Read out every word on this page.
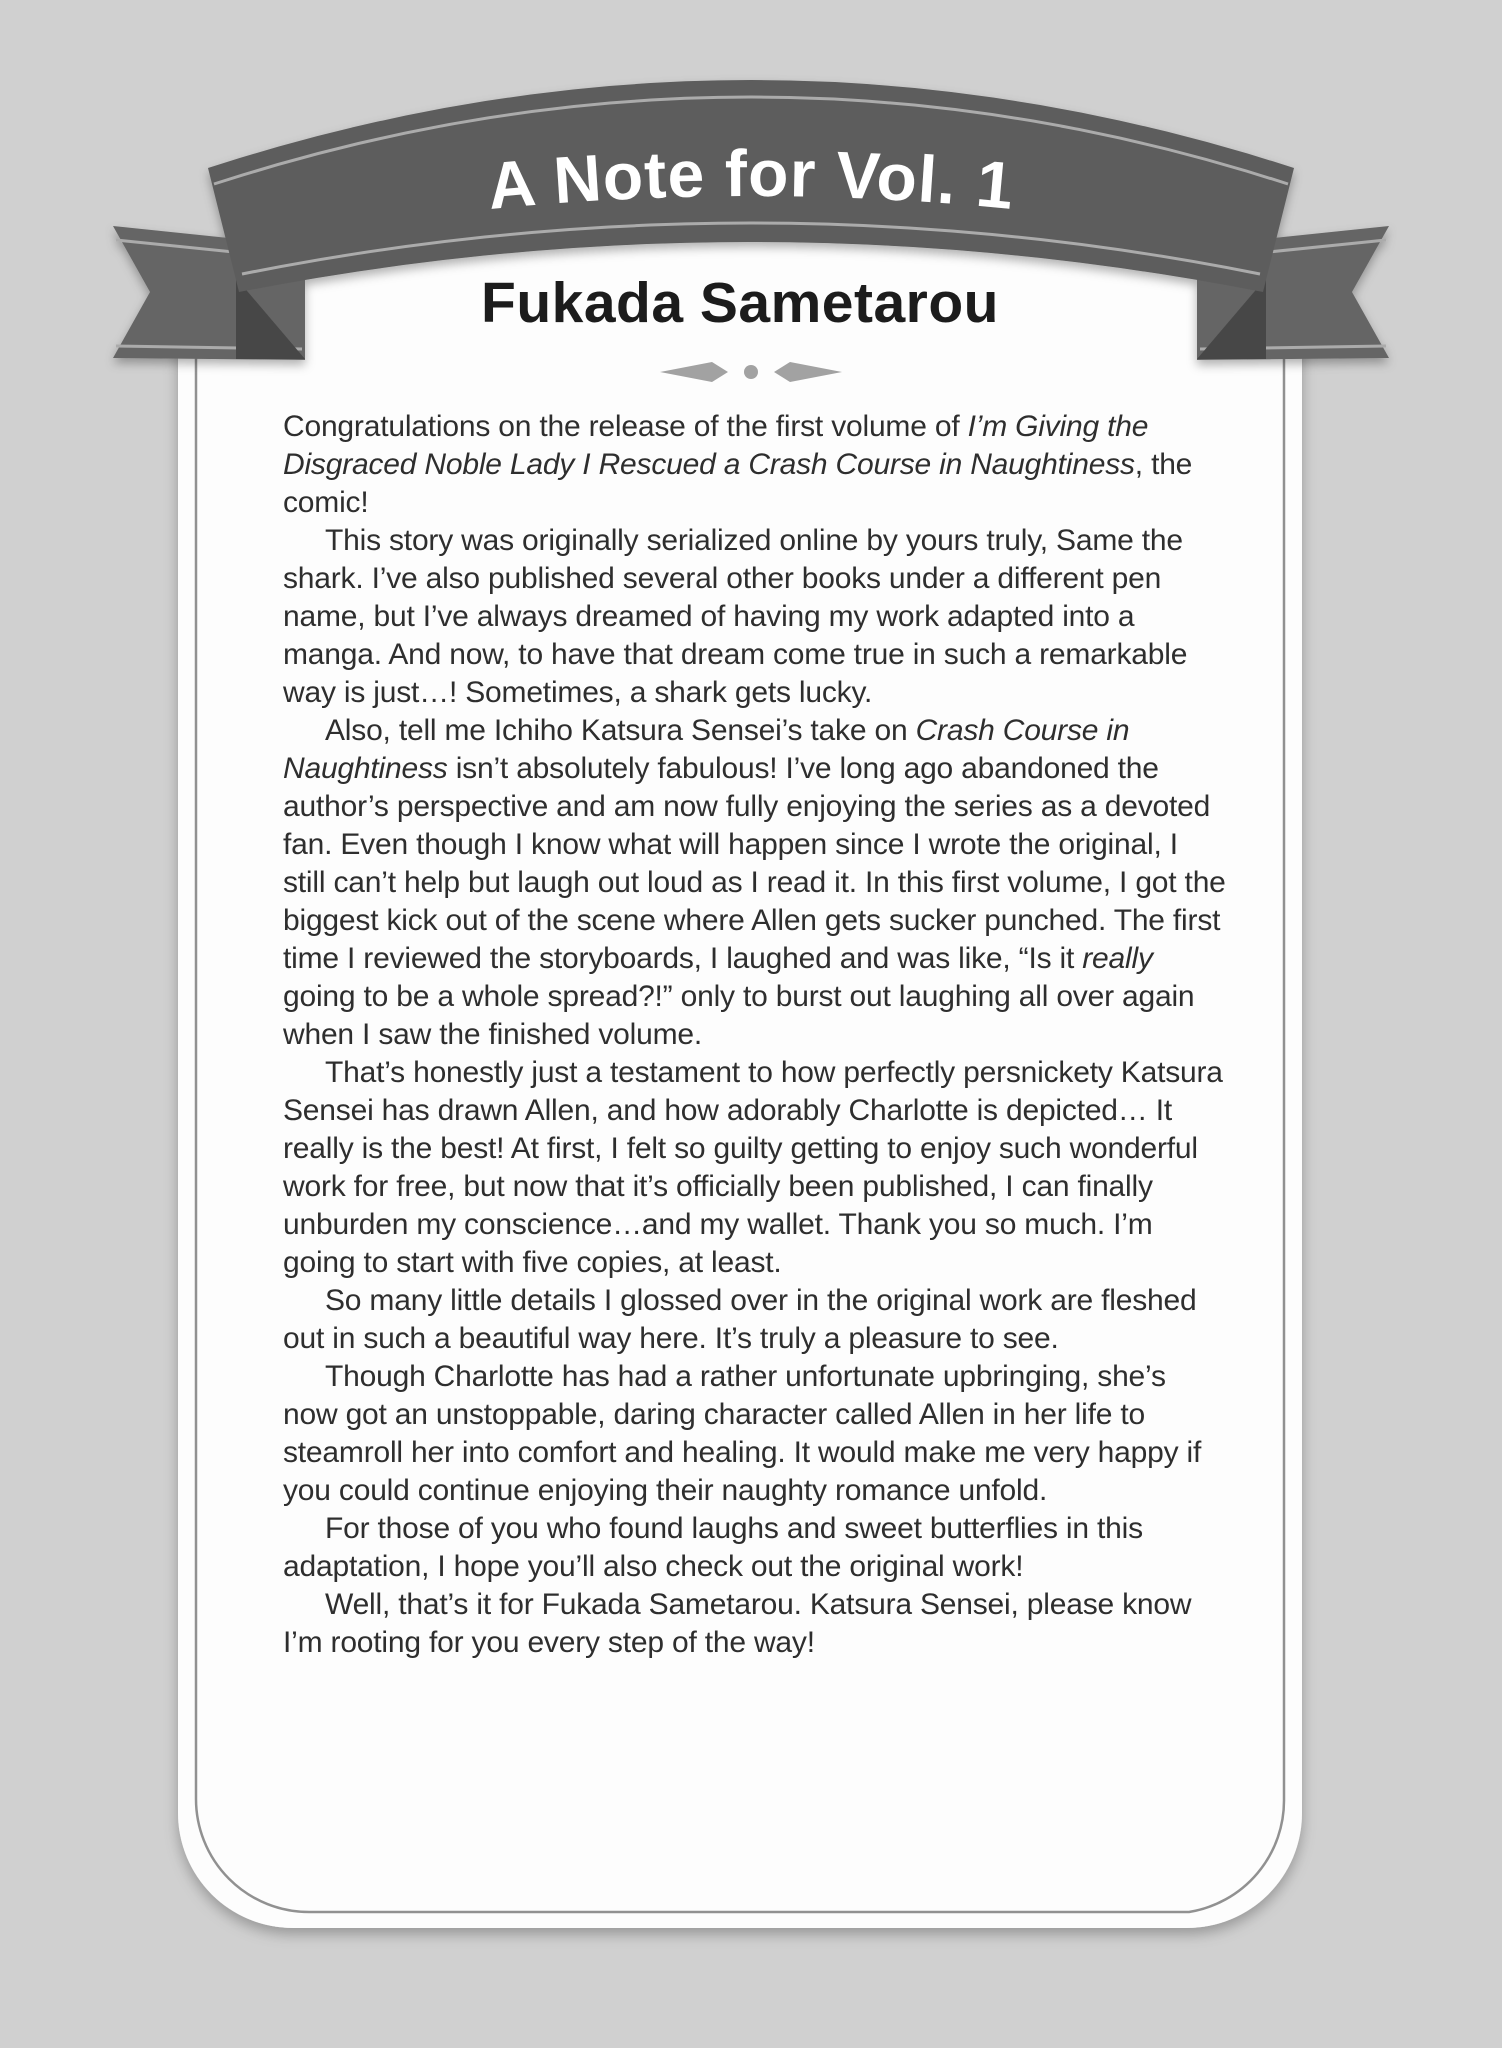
A Note for Vol. 1
Fukada Sametarou

Congratulations on the release of the first volume of I’m Giving the Disgraced Noble Lady I Rescued a Crash Course in Naughtiness, the comic!

This story was originally serialized online by yours truly, Same the shark. I’ve also published several other books under a different pen name, but I’ve always dreamed of having my work adapted into a manga. And now, to have that dream come true in such a remarkable way is just…! Sometimes, a shark gets lucky.

Also, tell me Ichiho Katsura Sensei’s take on Crash Course in Naughtiness isn’t absolutely fabulous! I’ve long ago abandoned the author’s perspective and am now fully enjoying the series as a devoted fan. Even though I know what will happen since I wrote the original, I still can’t help but laugh out loud as I read it. In this first volume, I got the biggest kick out of the scene where Allen gets sucker punched. The first time I reviewed the storyboards, I laughed and was like, “Is it really going to be a whole spread?!” only to burst out laughing all over again when I saw the finished volume.

That’s honestly just a testament to how perfectly persnickety Katsura Sensei has drawn Allen, and how adorably Charlotte is depicted… It really is the best! At first, I felt so guilty getting to enjoy such wonderful work for free, but now that it’s officially been published, I can finally unburden my conscience…and my wallet. Thank you so much. I’m going to start with five copies, at least.

So many little details I glossed over in the original work are fleshed out in such a beautiful way here. It’s truly a pleasure to see.

Though Charlotte has had a rather unfortunate upbringing, she’s now got an unstoppable, daring character called Allen in her life to steamroll her into comfort and healing. It would make me very happy if you could continue enjoying their naughty romance unfold.

For those of you who found laughs and sweet butterflies in this adaptation, I hope you’ll also check out the original work!

Well, that’s it for Fukada Sametarou. Katsura Sensei, please know I’m rooting for you every step of the way!
